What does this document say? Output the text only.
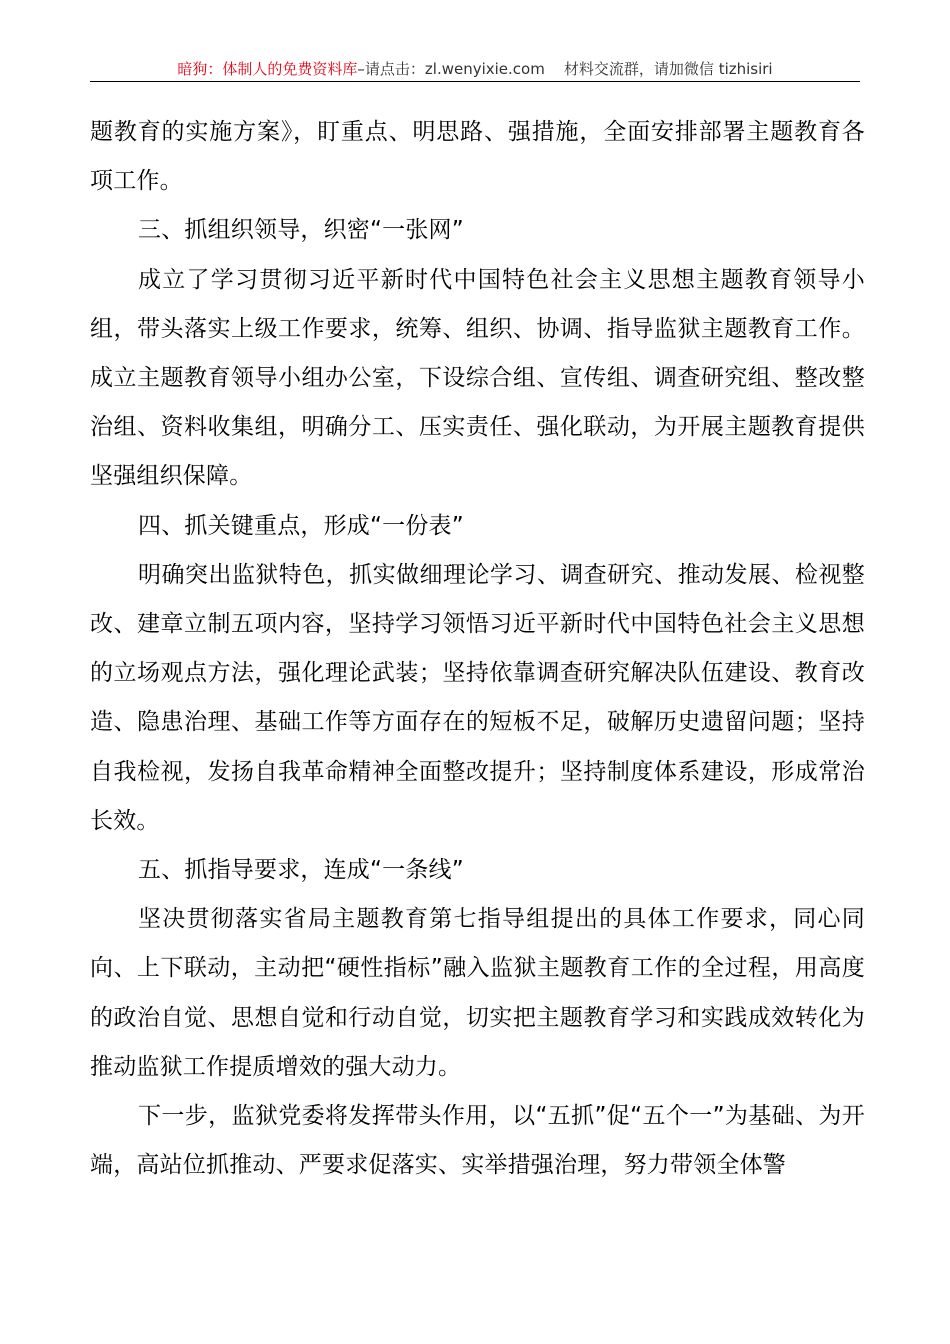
暗狗：体制人的免费资料库–请点击：zl.wenyixie.com 材料交流群，请加微信 tizhisiri

题教育的实施方案》，盯重点、明思路、强措施，全面安排部署主题教育各项工作。

三、抓组织领导，织密“一张网”

成立了学习贯彻习近平新时代中国特色社会主义思想主题教育领导小组，带头落实上级工作要求，统筹、组织、协调、指导监狱主题教育工作。成立主题教育领导小组办公室，下设综合组、宣传组、调查研究组、整改整治组、资料收集组，明确分工、压实责任、强化联动，为开展主题教育提供坚强组织保障。

四、抓关键重点，形成“一份表”

明确突出监狱特色，抓实做细理论学习、调查研究、推动发展、检视整改、建章立制五项内容，坚持学习领悟习近平新时代中国特色社会主义思想的立场观点方法，强化理论武装；坚持依靠调查研究解决队伍建设、教育改造、隐患治理、基础工作等方面存在的短板不足，破解历史遗留问题；坚持自我检视，发扬自我革命精神全面整改提升；坚持制度体系建设，形成常治长效。

五、抓指导要求，连成“一条线”

坚决贯彻落实省局主题教育第七指导组提出的具体工作要求，同心同向、上下联动，主动把“硬性指标”融入监狱主题教育工作的全过程，用高度的政治自觉、思想自觉和行动自觉，切实把主题教育学习和实践成效转化为推动监狱工作提质增效的强大动力。

下一步，监狱党委将发挥带头作用，以“五抓”促“五个一”为基础、为开端，高站位抓推动、严要求促落实、实举措强治理，努力带领全体警
